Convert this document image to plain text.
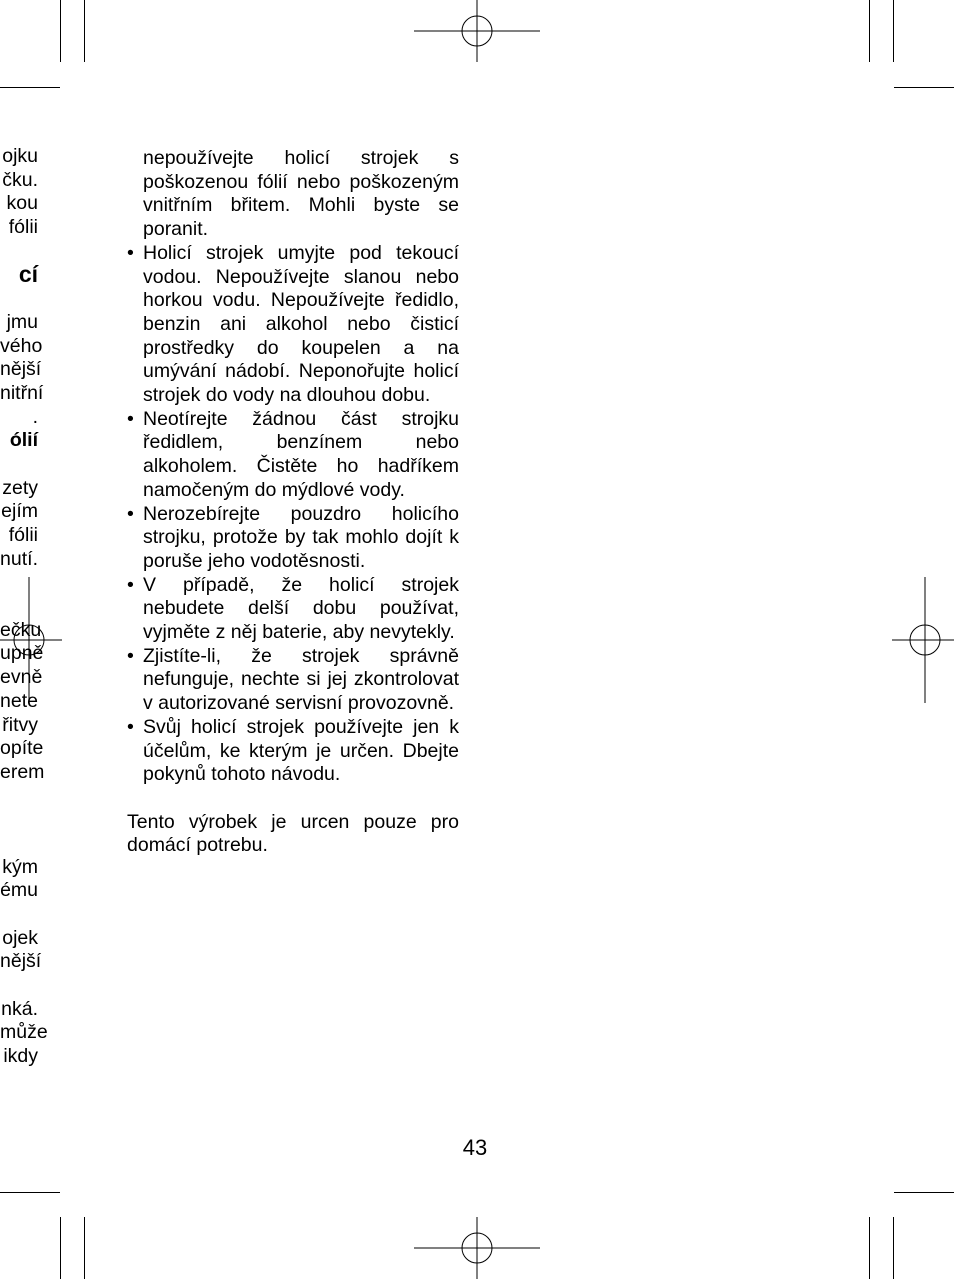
ojku
čku.
kou
fólii
cí
jmu
vého
nější
nitřní
.
ólií
zety
ejím
fólii
nutí.
ečku
upně
evně
nete
řitvy
opíte
erem
kým
ému
ojek
nější
nká.
může
ikdy
nepoužívejte holicí strojek s poškozenou fólií nebo poškozeným vnitřním břitem. Mohli byste se poranit.
• Holicí strojek umyjte pod tekoucí vodou. Nepoužívejte slanou nebo horkou vodu. Nepoužívejte ředidlo, benzin ani alkohol nebo čisticí prostředky do koupelen a na umývání nádobí. Neponořujte holicí strojek do vody na dlouhou dobu.
• Neotírejte žádnou část strojku ředidlem, benzínem nebo alkoholem. Čistěte ho hadříkem namočeným do mýdlové vody.
• Nerozebírejte pouzdro holicího strojku, protože by tak mohlo dojít k poruše jeho vodotěsnosti.
• V případě, že holicí strojek nebudete delší dobu používat, vyjměte z něj baterie, aby nevytekly.
• Zjistíte-li, že strojek správně nefunguje, nechte si jej zkontrolovat v autorizované servisní provozovně.
• Svůj holicí strojek používejte jen k účelům, ke kterým je určen. Dbejte pokynů tohoto návodu.
Tento výrobek je urcen pouze pro domácí potrebu.
43
